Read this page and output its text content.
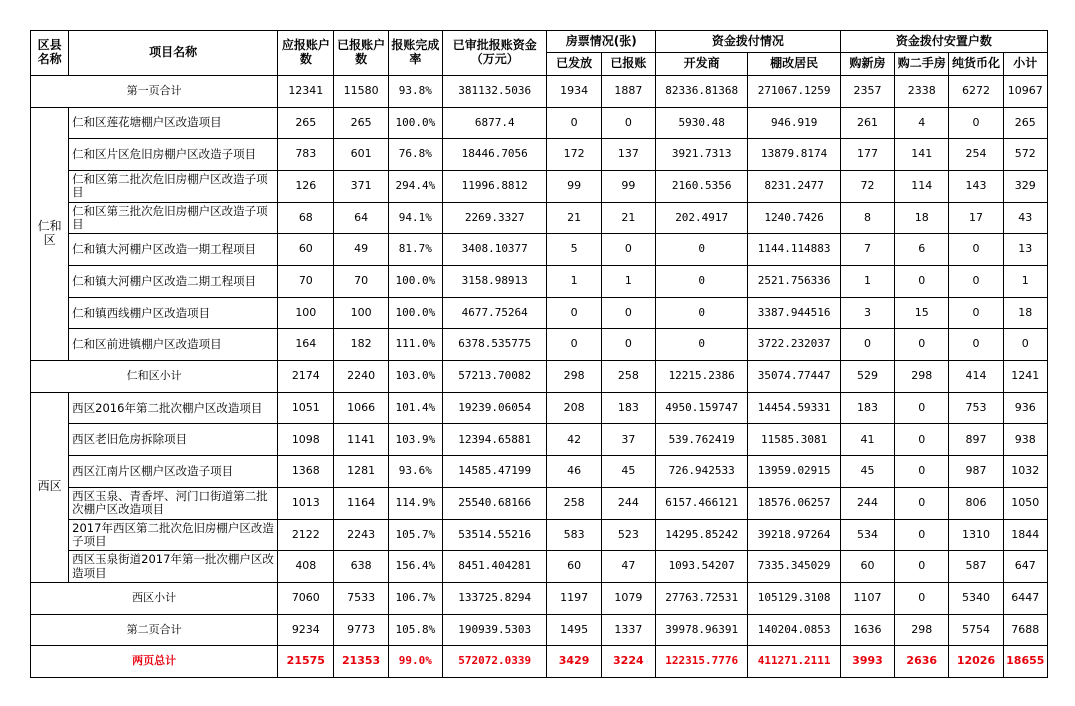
区县名称	项目名称	应报账户数	已报账户数	报账完成率	已审批报账资金（万元）	房票情况(张)		资金拨付情况		资金拨付安置户数			
						已发放	已报账	开发商	棚改居民	购新房	购二手房	纯货币化	小计
第一页合计		12341	11580	93.8%	381132.5036	1934	1887	82336.81368	271067.1259	2357	2338	6272	10967
仁和区	仁和区莲花塘棚户区改造项目	265	265	100.0%	6877.4	0	0	5930.48	946.919	261	4	0	265
	仁和区片区危旧房棚户区改造子项目	783	601	76.8%	18446.7056	172	137	3921.7313	13879.8174	177	141	254	572
	仁和区第二批次危旧房棚户区改造子项目	126	371	294.4%	11996.8812	99	99	2160.5356	8231.2477	72	114	143	329
	仁和区第三批次危旧房棚户区改造子项目	68	64	94.1%	2269.3327	21	21	202.4917	1240.7426	8	18	17	43
	仁和镇大河棚户区改造一期工程项目	60	49	81.7%	3408.10377	5	0	0	1144.114883	7	6	0	13
	仁和镇大河棚户区改造二期工程项目	70	70	100.0%	3158.98913	1	1	0	2521.756336	1	0	0	1
	仁和镇西线棚户区改造项目	100	100	100.0%	4677.75264	0	0	0	3387.944516	3	15	0	18
	仁和区前进镇棚户区改造项目	164	182	111.0%	6378.535775	0	0	0	3722.232037	0	0	0	0
仁和区小计		2174	2240	103.0%	57213.70082	298	258	12215.2386	35074.77447	529	298	414	1241
西区	西区2016年第二批次棚户区改造项目	1051	1066	101.4%	19239.06054	208	183	4950.159747	14454.59331	183	0	753	936
	西区老旧危房拆除项目	1098	1141	103.9%	12394.65881	42	37	539.762419	11585.3081	41	0	897	938
	西区江南片区棚户区改造子项目	1368	1281	93.6%	14585.47199	46	45	726.942533	13959.02915	45	0	987	1032
	西区玉泉、青香坪、河门口街道第二批次棚户区改造项目	1013	1164	114.9%	25540.68166	258	244	6157.466121	18576.06257	244	0	806	1050
	2017年西区第二批次危旧房棚户区改造子项目	2122	2243	105.7%	53514.55216	583	523	14295.85242	39218.97264	534	0	1310	1844
	西区玉泉街道2017年第一批次棚户区改造项目	408	638	156.4%	8451.404281	60	47	1093.54207	7335.345029	60	0	587	647
西区小计		7060	7533	106.7%	133725.8294	1197	1079	27763.72531	105129.3108	1107	0	5340	6447
第二页合计		9234	9773	105.8%	190939.5303	1495	1337	39978.96391	140204.0853	1636	298	5754	7688
两页总计		21575	21353	99.0%	572072.0339	3429	3224	122315.7776	411271.2111	3993	2636	12026	18655
